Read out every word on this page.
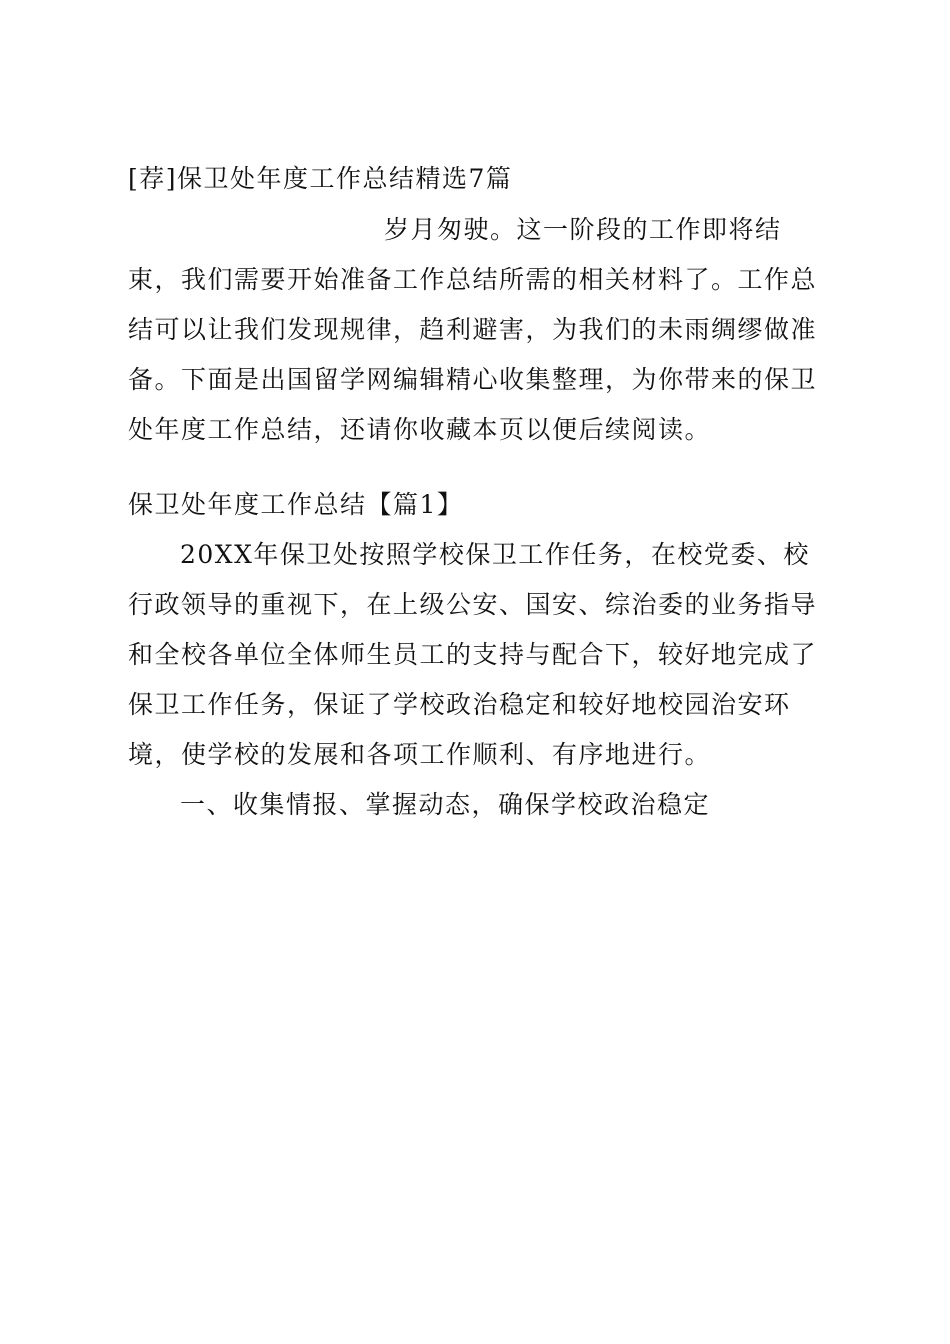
[荐]保卫处年度工作总结精选7篇
岁月匆驶。这一阶段的工作即将结束，我们需要开始准备工作总结所需的相关材料了。工作总结可以让我们发现规律，趋利避害，为我们的未雨绸缪做准备。下面是出国留学网编辑精心收集整理，为你带来的保卫处年度工作总结，还请你收藏本页以便后续阅读。
保卫处年度工作总结【篇1】
20XX年保卫处按照学校保卫工作任务，在校党委、校行政领导的重视下，在上级公安、国安、综治委的业务指导和全校各单位全体师生员工的支持与配合下，较好地完成了保卫工作任务，保证了学校政治稳定和较好地校园治安环境，使学校的发展和各项工作顺利、有序地进行。
一、收集情报、掌握动态，确保学校政治稳定
